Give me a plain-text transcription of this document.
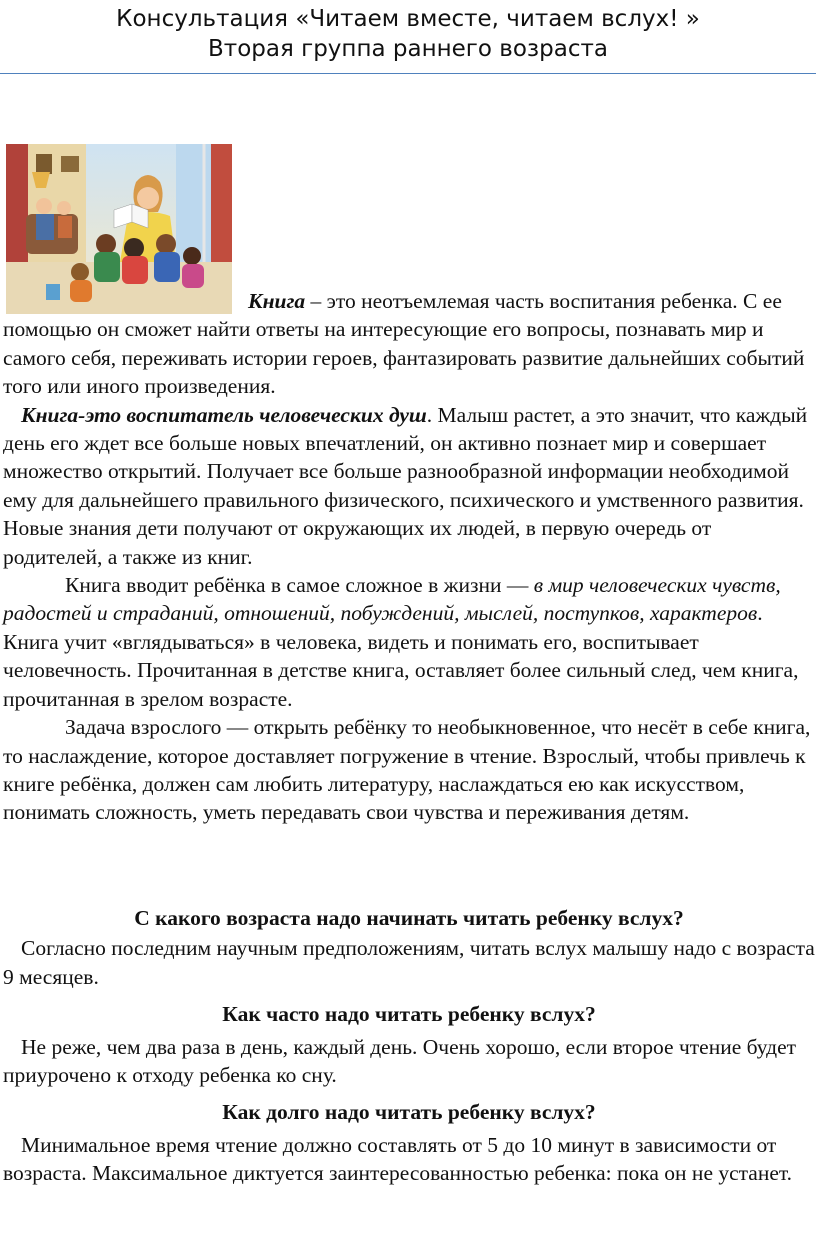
Консультация «Читаем вместе, читаем вслух! »
Вторая группа раннего возраста

Книга – это неотъемлемая часть воспитания ребенка. С ее помощью он сможет найти ответы на интересующие его вопросы, познавать мир и самого себя, переживать истории героев, фантазировать развитие дальнейших событий того или иного произведения.

Книга-это воспитатель человеческих душ. Малыш растет, а это значит, что каждый день его ждет все больше новых впечатлений, он активно познает мир и совершает множество открытий. Получает все больше разнообразной информации необходимой ему для дальнейшего правильного физического, психического и умственного развития. Новые знания дети получают от окружающих их людей, в первую очередь от родителей, а также из книг.

Книга вводит ребёнка в самое сложное в жизни — в мир человеческих чувств, радостей и страданий, отношений, побуждений, мыслей, поступков, характеров. Книга учит «вглядываться» в человека, видеть и понимать его, воспитывает человечность. Прочитанная в детстве книга, оставляет более сильный след, чем книга, прочитанная в зрелом возрасте.

Задача взрослого — открыть ребёнку то необыкновенное, что несёт в себе книга, то наслаждение, которое доставляет погружение в чтение. Взрослый, чтобы привлечь к книге ребёнка, должен сам любить литературу, наслаждаться ею как искусством, понимать сложность, уметь передавать свои чувства и переживания детям.

С какого возраста надо начинать читать ребенку вслух?

Согласно последним научным предположениям, читать вслух малышу надо с возраста 9 месяцев.

Как часто надо читать ребенку вслух?

Не реже, чем два раза в день, каждый день. Очень хорошо, если второе чтение будет приурочено к отходу ребенка ко сну.

Как долго надо читать ребенку вслух?

Минимальное время чтение должно составлять от 5 до 10 минут в зависимости от возраста. Максимальное диктуется заинтересованностью ребенка: пока он не устанет.
